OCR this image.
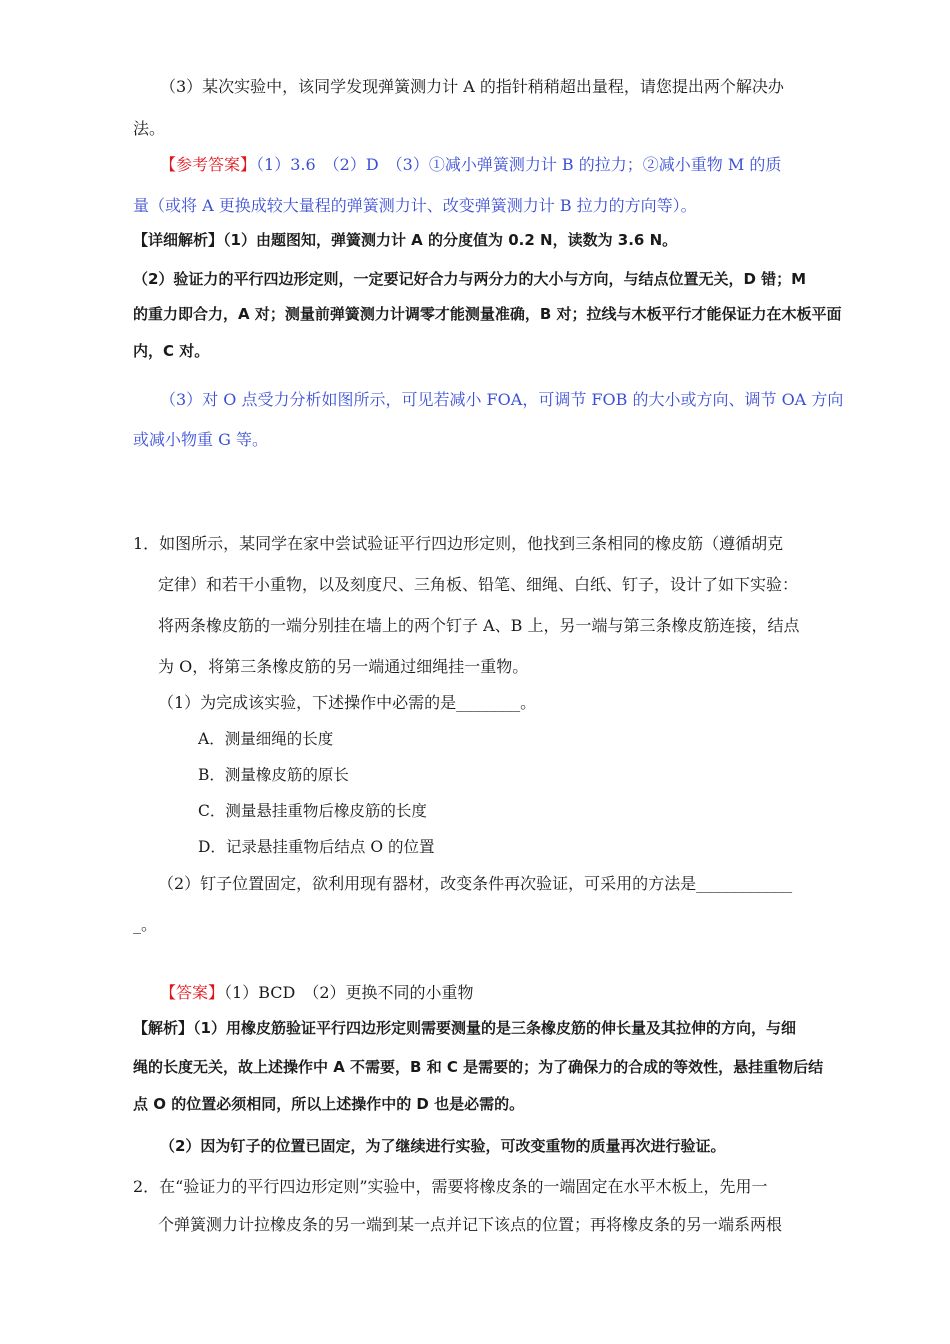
（3）某次实验中，该同学发现弹簧测力计 A 的指针稍稍超出量程，请您提出两个解决办
法。
【参考答案】（1）3.6　（2）D　（3）①减小弹簧测力计 B 的拉力；②减小重物 M 的质
量（或将 A 更换成较大量程的弹簧测力计、改变弹簧测力计 B 拉力的方向等）。
【详细解析】（1）由题图知，弹簧测力计 A 的分度值为 0.2 N，读数为 3.6 N。
（2）验证力的平行四边形定则，一定要记好合力与两分力的大小与方向，与结点位置无关，D 错；M
的重力即合力，A 对；测量前弹簧测力计调零才能测量准确，B 对；拉线与木板平行才能保证力在木板平面
内，C 对。
（3）对 O 点受力分析如图所示，可见若减小 FOA，可调节 FOB 的大小或方向、调节 OA 方向
或减小物重 G 等。
1．如图所示，某同学在家中尝试验证平行四边形定则，他找到三条相同的橡皮筋（遵循胡克
定律）和若干小重物，以及刻度尺、三角板、铅笔、细绳、白纸、钉子，设计了如下实验：
将两条橡皮筋的一端分别挂在墙上的两个钉子 A、B 上，另一端与第三条橡皮筋连接，结点
为 O，将第三条橡皮筋的另一端通过细绳挂一重物。
（1）为完成该实验，下述操作中必需的是________。
A．测量细绳的长度
B．测量橡皮筋的原长
C．测量悬挂重物后橡皮筋的长度
D．记录悬挂重物后结点 O 的位置
（2）钉子位置固定，欲利用现有器材，改变条件再次验证，可采用的方法是____________
_。
【答案】（1）BCD　（2）更换不同的小重物
【解析】（1）用橡皮筋验证平行四边形定则需要测量的是三条橡皮筋的伸长量及其拉伸的方向，与细
绳的长度无关，故上述操作中 A 不需要，B 和 C 是需要的；为了确保力的合成的等效性，悬挂重物后结
点 O 的位置必须相同，所以上述操作中的 D 也是必需的。
（2）因为钉子的位置已固定，为了继续进行实验，可改变重物的质量再次进行验证。
2．在“验证力的平行四边形定则”实验中，需要将橡皮条的一端固定在水平木板上，先用一
个弹簧测力计拉橡皮条的另一端到某一点并记下该点的位置；再将橡皮条的另一端系两根
